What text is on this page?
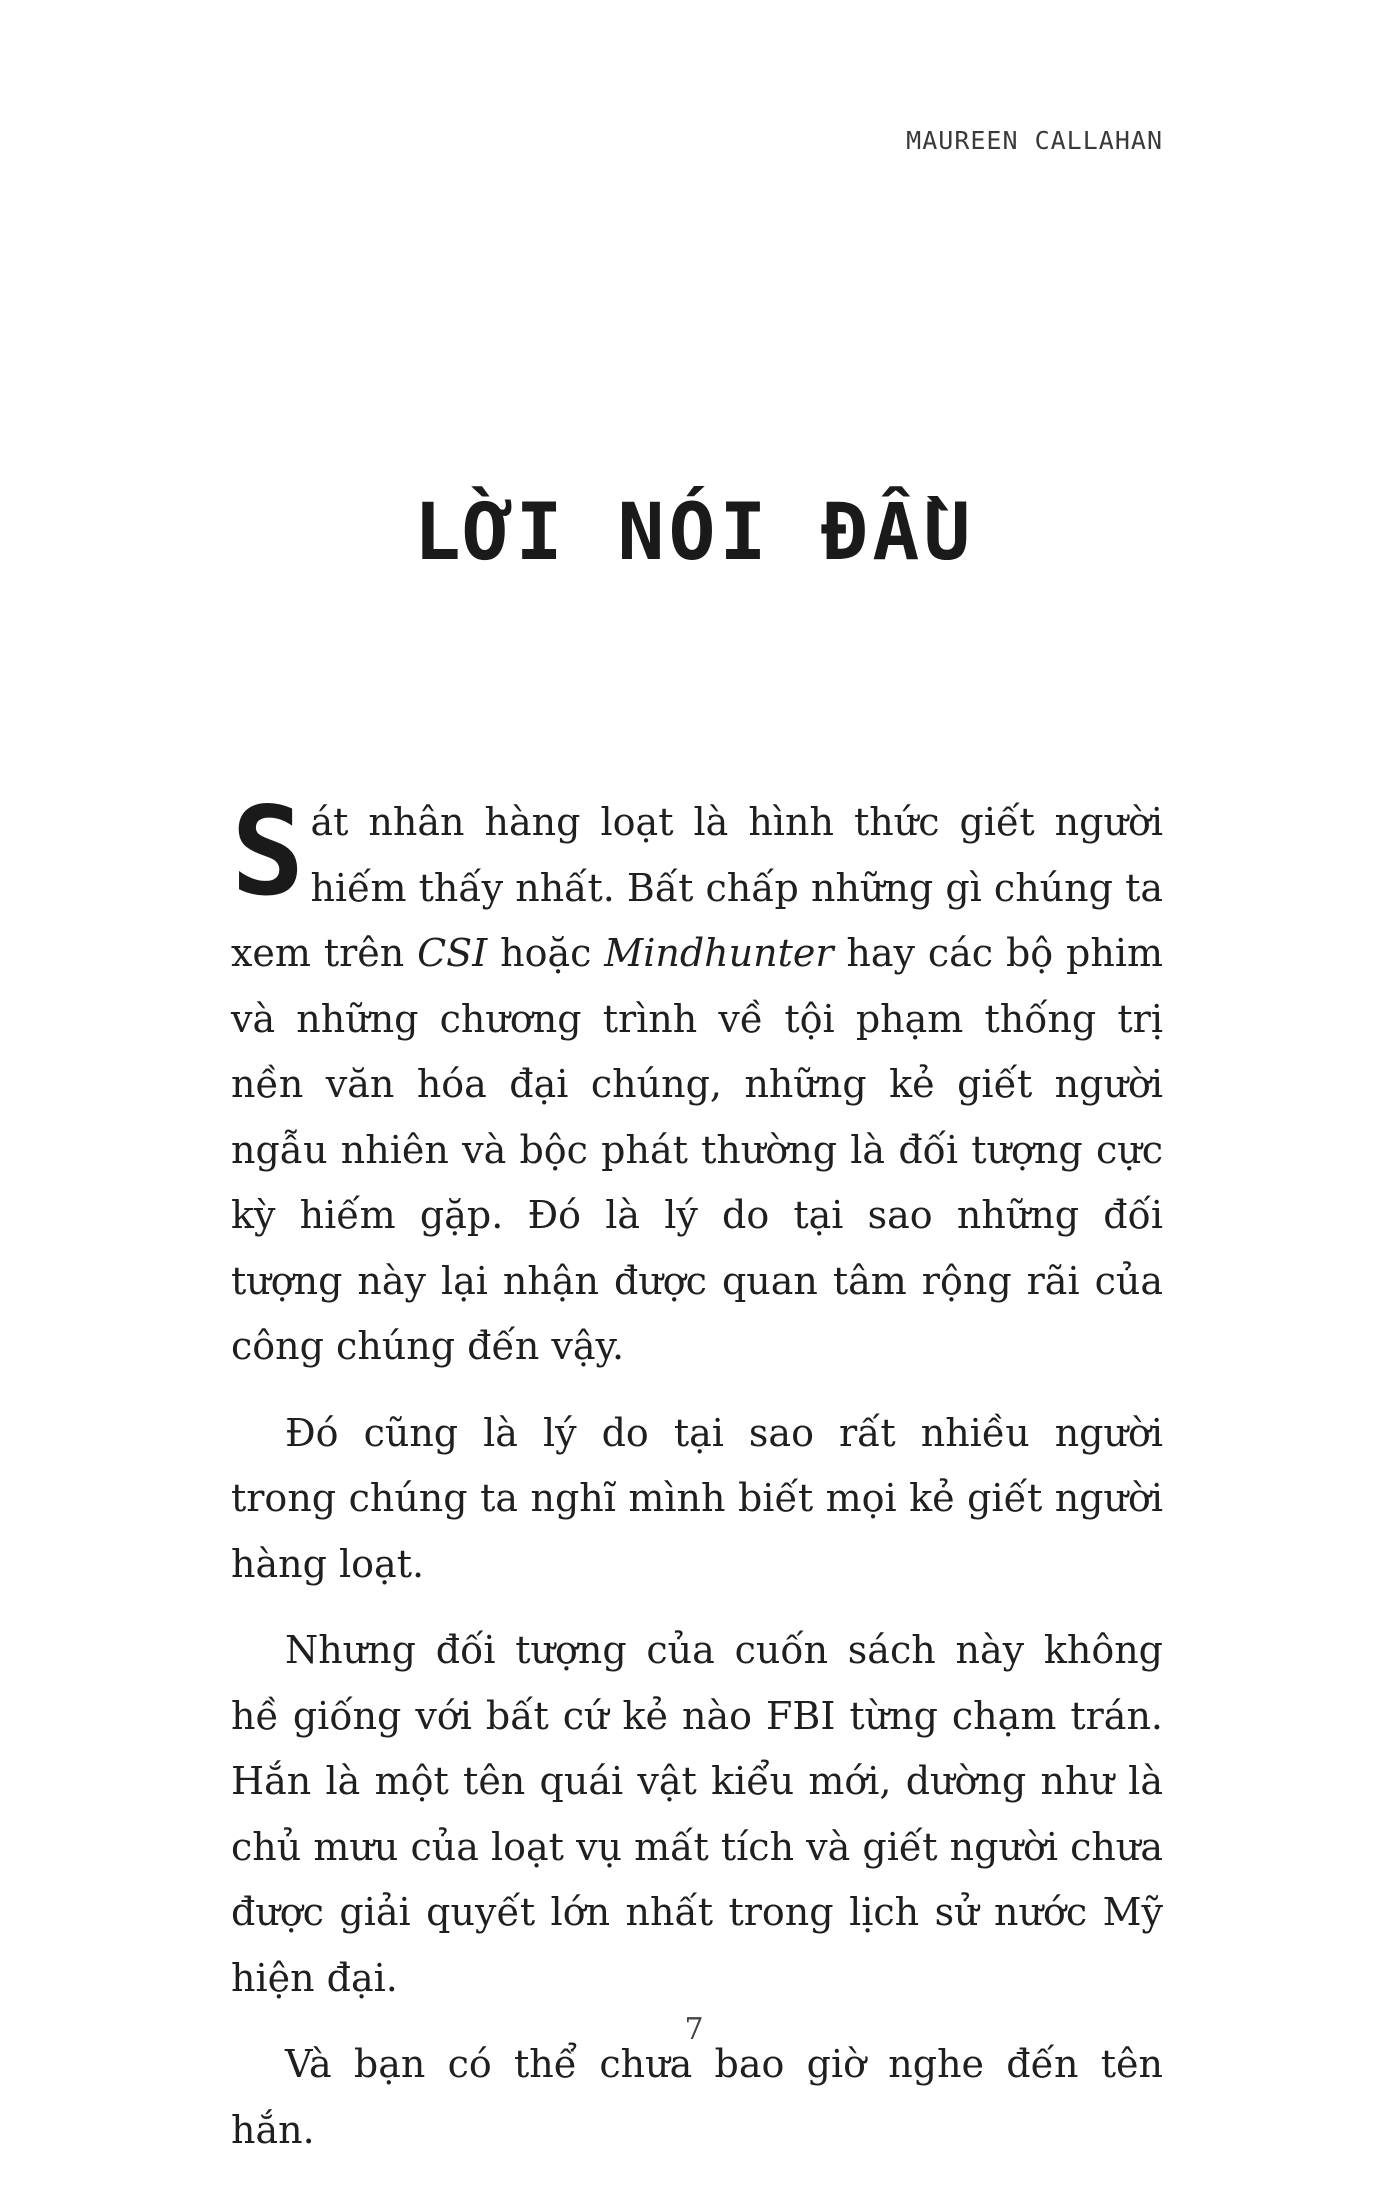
MAUREEN CALLAHAN
LỜI NÓI ĐẦU

Sát nhân hàng loạt là hình thức giết người hiếm thấy nhất. Bất chấp những gì chúng ta xem trên CSI hoặc Mindhunter hay các bộ phim và những chương trình về tội phạm thống trị nền văn hóa đại chúng, những kẻ giết người ngẫu nhiên và bộc phát thường là đối tượng cực kỳ hiếm gặp. Đó là lý do tại sao những đối tượng này lại nhận được quan tâm rộng rãi của công chúng đến vậy.

Đó cũng là lý do tại sao rất nhiều người trong chúng ta nghĩ mình biết mọi kẻ giết người hàng loạt.

Nhưng đối tượng của cuốn sách này không hề giống với bất cứ kẻ nào FBI từng chạm trán. Hắn là một tên quái vật kiểu mới, dường như là chủ mưu của loạt vụ mất tích và giết người chưa được giải quyết lớn nhất trong lịch sử nước Mỹ hiện đại.

Và bạn có thể chưa bao giờ nghe đến tên hắn.

7
